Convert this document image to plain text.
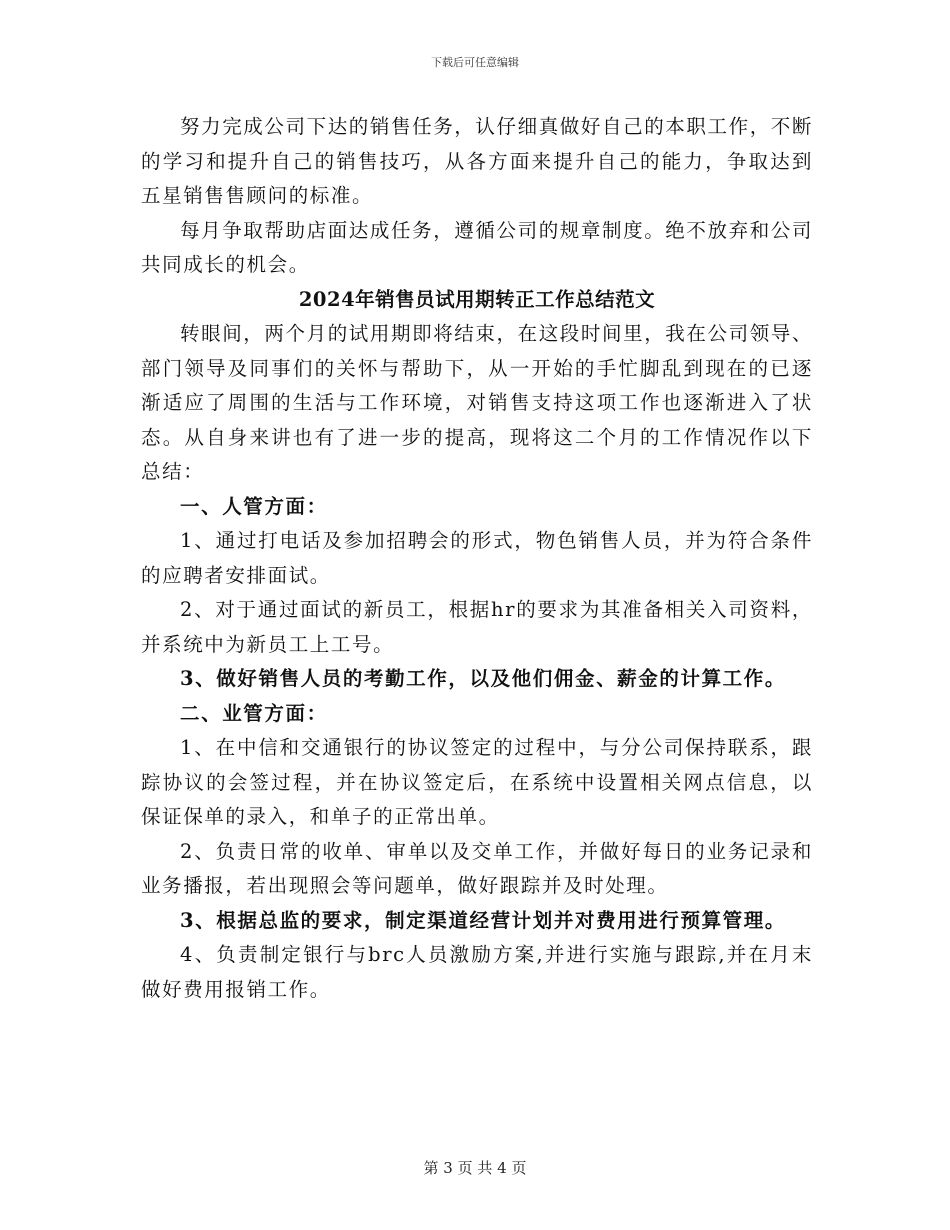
下载后可任意编辑

努力完成公司下达的销售任务，认仔细真做好自己的本职工作，不断的学习和提升自己的销售技巧，从各方面来提升自己的能力，争取达到五星销售售顾问的标准。

每月争取帮助店面达成任务，遵循公司的规章制度。绝不放弃和公司共同成长的机会。

2024年销售员试用期转正工作总结范文

转眼间，两个月的试用期即将结束，在这段时间里，我在公司领导、部门领导及同事们的关怀与帮助下，从一开始的手忙脚乱到现在的已逐渐适应了周围的生活与工作环境，对销售支持这项工作也逐渐进入了状态。从自身来讲也有了进一步的提高，现将这二个月的工作情况作以下总结：

一、人管方面：

1、通过打电话及参加招聘会的形式，物色销售人员，并为符合条件的应聘者安排面试。

2、对于通过面试的新员工，根据hr的要求为其准备相关入司资料，并系统中为新员工上工号。

3、做好销售人员的考勤工作，以及他们佣金、薪金的计算工作。

二、业管方面：

1、在中信和交通银行的协议签定的过程中，与分公司保持联系，跟踪协议的会签过程，并在协议签定后，在系统中设置相关网点信息，以保证保单的录入，和单子的正常出单。

2、负责日常的收单、审单以及交单工作，并做好每日的业务记录和业务播报，若出现照会等问题单，做好跟踪并及时处理。

3、根据总监的要求，制定渠道经营计划并对费用进行预算管理。

4、负责制定银行与brc人员激励方案,并进行实施与跟踪,并在月末做好费用报销工作。

第 3 页 共 4 页
